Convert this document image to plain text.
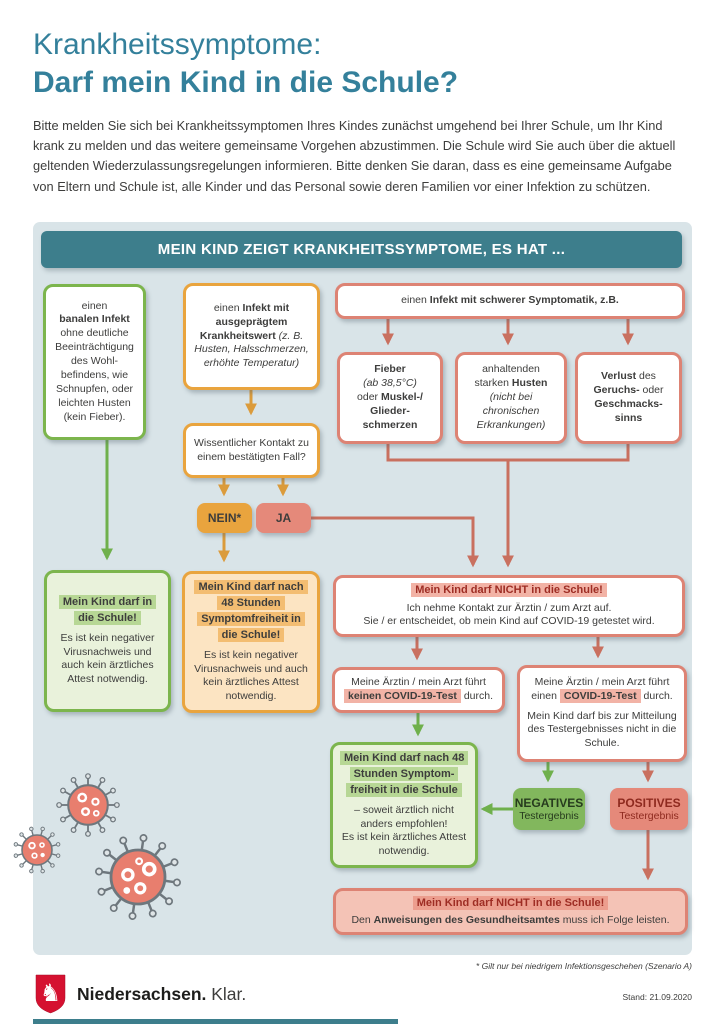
Krankheitssymptome:
Darf mein Kind in die Schule?
Bitte melden Sie sich bei Krankheitssymptomen Ihres Kindes zunächst umgehend bei Ihrer Schule, um Ihr Kind krank zu melden und das weitere gemeinsame Vorgehen abzustimmen. Die Schule wird Sie auch über die aktuell geltenden Wiederzulassungsregelungen informieren. Bitte denken Sie daran, dass es eine gemeinsame Aufgabe von Eltern und Schule ist, alle Kinder und das Personal sowie deren Familien vor einer Infektion zu schützen.
MEIN KIND ZEIGT KRANKHEITSSYMPTOME, ES HAT ...
einen
banalen Infekt
ohne deutliche Beeinträchtigung des Wohlbefindens, wie Schnupfen, oder leichten Husten (kein Fieber).
einen Infekt mit ausgeprägtem Krankheitswert (z. B. Husten, Halsschmerzen, erhöhte Temperatur)
einen Infekt mit schwerer Symptomatik, z.B.
Fieber
(ab 38,5°C)
oder Muskel-/ Gliederschmerzen
anhaltenden starken Husten
(nicht bei chronischen Erkrankungen)
Verlust des
Geruchs- oder Geschmackssinns
Wissentlicher Kontakt zu einem bestätigten Fall?
NEIN*	JA
Mein Kind darf in die Schule!
Es ist kein negativer Virusnachweis und auch kein ärztliches Attest notwendig.
Mein Kind darf nach 48 Stunden Symptomfreiheit in die Schule!
Es ist kein negativer Virusnachweis und auch kein ärztliches Attest notwendig.
Mein Kind darf NICHT in die Schule!
Ich nehme Kontakt zur Ärztin / zum Arzt auf.
Sie / er entscheidet, ob mein Kind auf COVID-19 getestet wird.
Meine Ärztin / mein Arzt führt keinen COVID-19-Test durch.
Meine Ärztin / mein Arzt führt einen COVID-19-Test durch.
Mein Kind darf bis zur Mitteilung des Testergebnisses nicht in die Schule.
Mein Kind darf nach 48 Stunden Symptomfreiheit in die Schule
– soweit ärztlich nicht anders empfohlen!
Es ist kein ärztliches Attest notwendig.
NEGATIVES
Testergebnis
POSITIVES
Testergebnis
Mein Kind darf NICHT in die Schule!
Den Anweisungen des Gesundheitsamtes muss ich Folge leisten.
* Gilt nur bei niedrigem Infektionsgeschehen (Szenario A)
♞ Niedersachsen. Klar.	Stand: 21.09.2020
